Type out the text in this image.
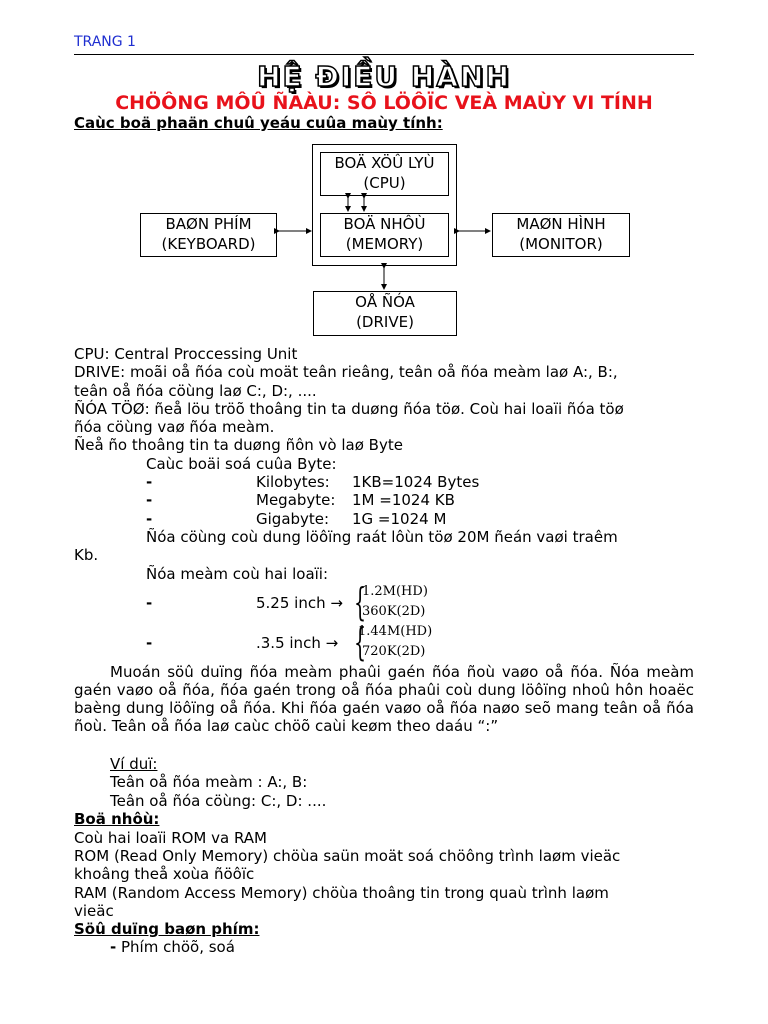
TRANG 1
HỆ ĐIỀU HÀNH
CHÖÔNG MÔÛ ÑAÀU: SÔ LÖÔÏC VEÀ MAÙY VI TÍNH
Caùc boä phaän chuû yeáu cuûa maùy tính:
BOÄ XÖÛ LYÙ
(CPU)
BOÄ NHÔÙ
(MEMORY)
BAØN PHÍM
(KEYBOARD)
MAØN HÌNH
(MONITOR)
OÅ ÑÓA
(DRIVE)
CPU: Central Proccessing Unit
DRIVE: moãi oå ñóa coù moät teân rieâng, teân oå ñóa meàm laø A:, B:,
teân oå ñóa cöùng laø C:, D:, ....
ÑÓA TÖØ: ñeå löu tröõ thoâng tin ta duøng ñóa töø. Coù hai loaïi ñóa töø
ñóa cöùng vaø ñóa meàm.
Ñeå ño thoâng tin ta duøng ñôn vò laø Byte
Caùc boäi soá cuûa Byte:
-	Kilobytes: 1KB=1024 Bytes
-	Megabyte: 1M =1024 KB
-	Gigabyte: 1G =1024 M
Ñóa cöùng coù dung löôïng raát lôùn töø 20M ñeán vaøi traêm
Kb.
Ñóa meàm coù hai loaïi:
-	5.25 inch → {
1.2M(HD)
360K(2D)
-	.3.5 inch → {
1.44M(HD)
720K(2D)
Muoán söû duïng ñóa meàm phaûi gaén ñóa ñoù vaøo oå ñóa. Ñóa meàm gaén vaøo oå ñóa, ñóa gaén trong oå ñóa phaûi coù dung löôïng nhoû hôn hoaëc baèng dung löôïng oå ñóa. Khi ñóa gaén vaøo oå ñóa naøo seõ mang teân oå ñóa ñoù. Teân oå ñóa laø caùc chöõ caùi keøm theo daáu “:”
Ví duï:
Teân oå ñóa meàm : A:, B:
Teân oå ñóa cöùng: C:, D: ....
Boä nhôù:
Coù hai loaïi ROM va RAM
ROM (Read Only Memory) chöùa saün moät soá chöông trình laøm vieäc
khoâng theå xoùa ñöôïc
RAM (Random Access Memory) chöùa thoâng tin trong quaù trình laøm
vieäc
Söû duïng baøn phím:
- Phím chöõ, soá
